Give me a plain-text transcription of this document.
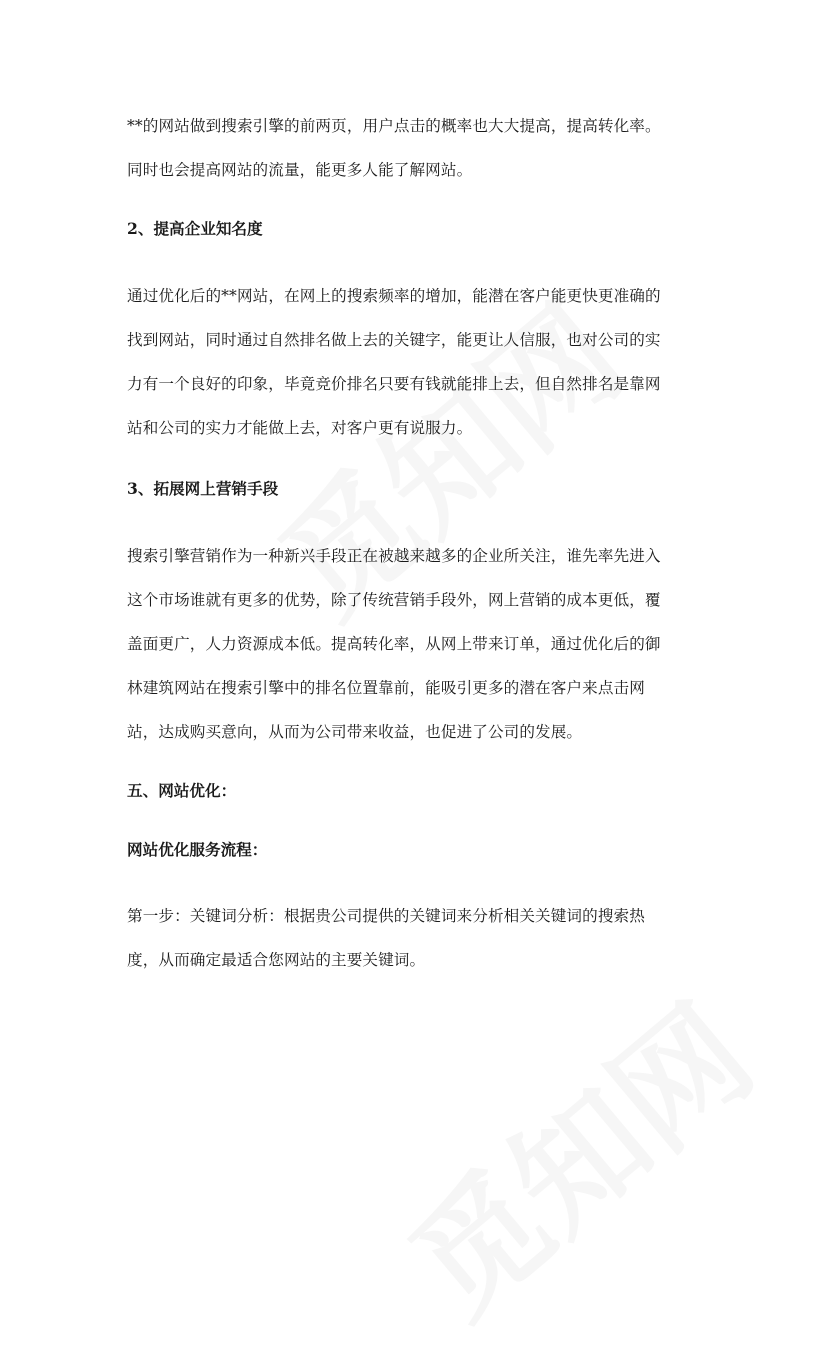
**的网站做到搜索引擎的前两页，用户点击的概率也大大提高，提高转化率。
同时也会提高网站的流量，能更多人能了解网站。

2、提高企业知名度

通过优化后的**网站，在网上的搜索频率的增加，能潜在客户能更快更准确的
找到网站，同时通过自然排名做上去的关键字，能更让人信服，也对公司的实
力有一个良好的印象，毕竟竞价排名只要有钱就能排上去，但自然排名是靠网
站和公司的实力才能做上去，对客户更有说服力。

3、拓展网上营销手段

搜索引擎营销作为一种新兴手段正在被越来越多的企业所关注，谁先率先进入
这个市场谁就有更多的优势，除了传统营销手段外，网上营销的成本更低，覆
盖面更广，人力资源成本低。提高转化率，从网上带来订单，通过优化后的御
林建筑网站在搜索引擎中的排名位置靠前，能吸引更多的潜在客户来点击网
站，达成购买意向，从而为公司带来收益，也促进了公司的发展。

五、网站优化：
网站优化服务流程：

第一步：关键词分析：根据贵公司提供的关键词来分析相关关键词的搜索热
度，从而确定最适合您网站的主要关键词。
